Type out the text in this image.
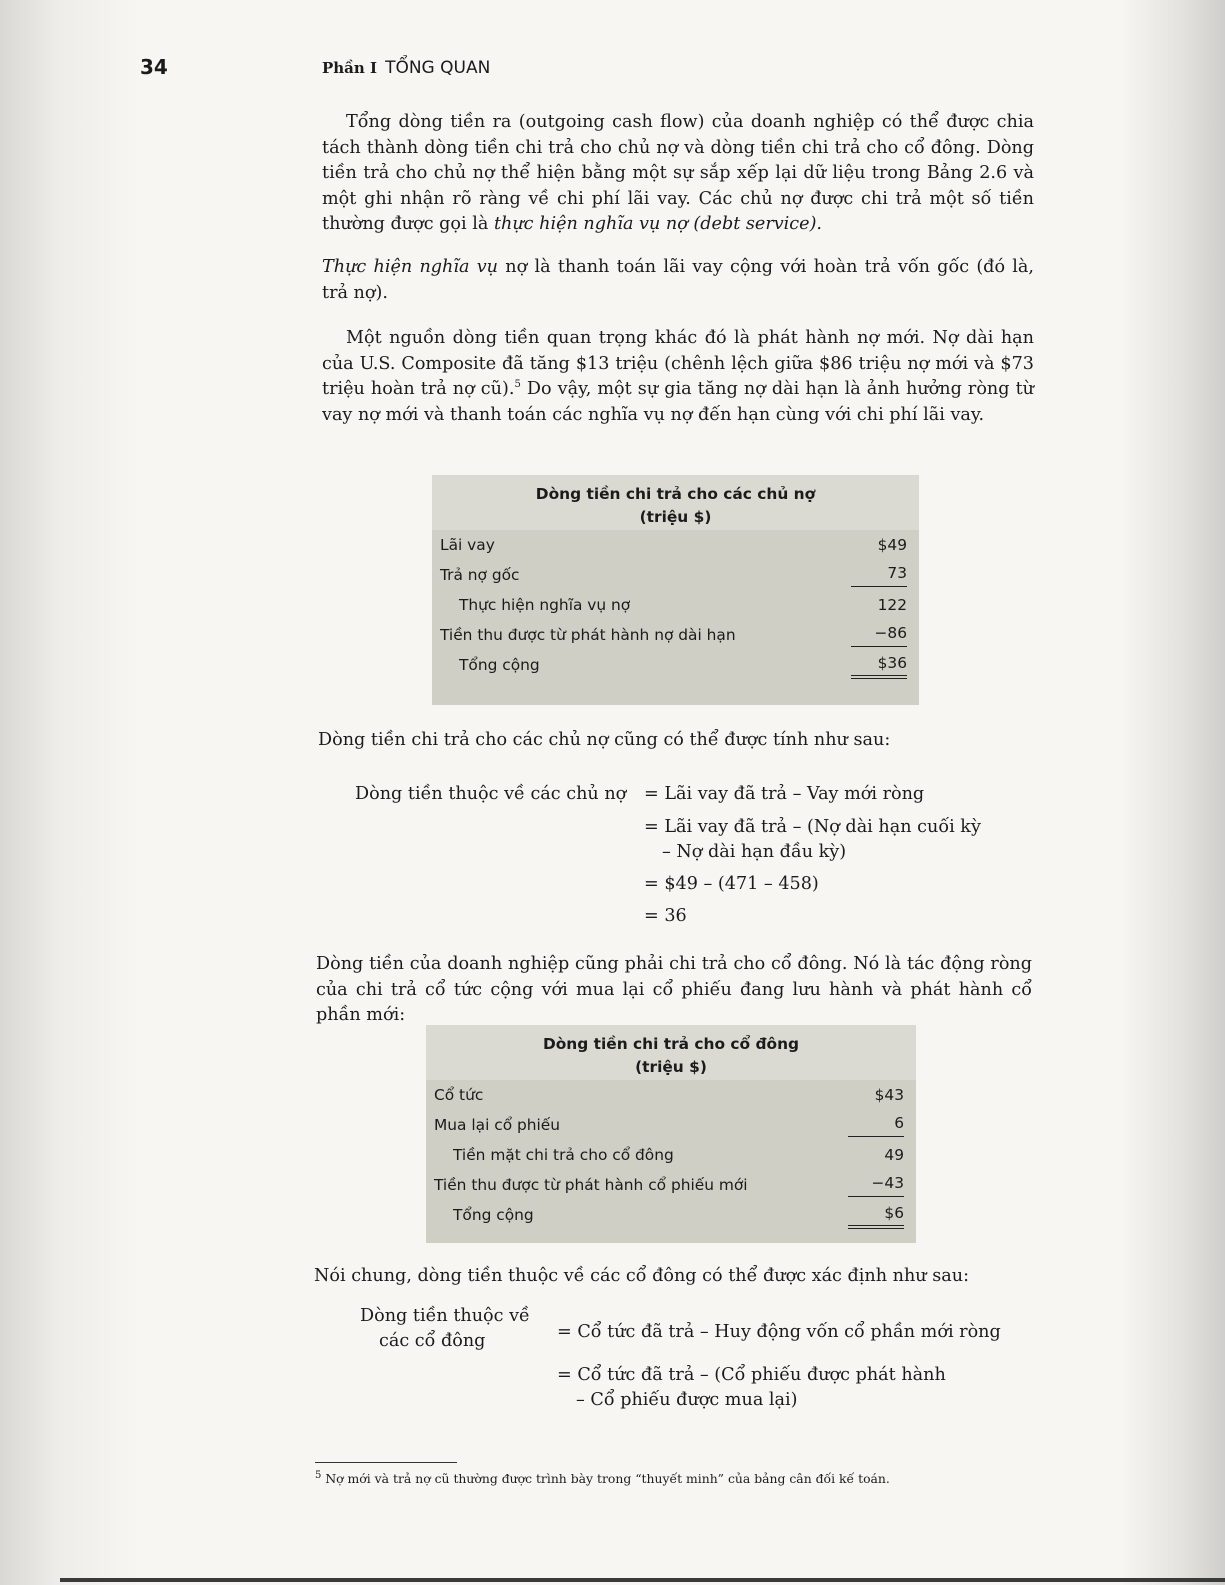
34	Phần I TỔNG QUAN

Tổng dòng tiền ra (outgoing cash flow) của doanh nghiệp có thể được chia tách thành dòng tiền chi trả cho chủ nợ và dòng tiền chi trả cho cổ đông. Dòng tiền trả cho chủ nợ thể hiện bằng một sự sắp xếp lại dữ liệu trong Bảng 2.6 và một ghi nhận rõ ràng về chi phí lãi vay. Các chủ nợ được chi trả một số tiền thường được gọi là thực hiện nghĩa vụ nợ (debt service).

Thực hiện nghĩa vụ nợ là thanh toán lãi vay cộng với hoàn trả vốn gốc (đó là, trả nợ).

Một nguồn dòng tiền quan trọng khác đó là phát hành nợ mới. Nợ dài hạn của U.S. Composite đã tăng $13 triệu (chênh lệch giữa $86 triệu nợ mới và $73 triệu hoàn trả nợ cũ).$^5$ Do vậy, một sự gia tăng nợ dài hạn là ảnh hưởng ròng từ vay nợ mới và thanh toán các nghĩa vụ nợ đến hạn cùng với chi phí lãi vay.

Dòng tiền chi trả cho các chủ nợ
(triệu $)
Lãi vay	$49
Trả nợ gốc	73
Thực hiện nghĩa vụ nợ	122
Tiền thu được từ phát hành nợ dài hạn	−86
Tổng cộng	$36

Dòng tiền chi trả cho các chủ nợ cũng có thể được tính như sau:

Dòng tiền thuộc về các chủ nợ = Lãi vay đã trả – Vay mới ròng
= Lãi vay đã trả – (Nợ dài hạn cuối kỳ
– Nợ dài hạn đầu kỳ)
= $49 – (471 – 458)
= 36

Dòng tiền của doanh nghiệp cũng phải chi trả cho cổ đông. Nó là tác động ròng của chi trả cổ tức cộng với mua lại cổ phiếu đang lưu hành và phát hành cổ phần mới:

Dòng tiền chi trả cho cổ đông
(triệu $)
Cổ tức	$43
Mua lại cổ phiếu	6
Tiền mặt chi trả cho cổ đông	49
Tiền thu được từ phát hành cổ phiếu mới	−43
Tổng cộng	$6

Nói chung, dòng tiền thuộc về các cổ đông có thể được xác định như sau:

Dòng tiền thuộc về
các cổ đông	= Cổ tức đã trả – Huy động vốn cổ phần mới ròng
= Cổ tức đã trả – (Cổ phiếu được phát hành
– Cổ phiếu được mua lại)
$^5$ Nợ mới và trả nợ cũ thường được trình bày trong “thuyết minh” của bảng cân đối kế toán.
